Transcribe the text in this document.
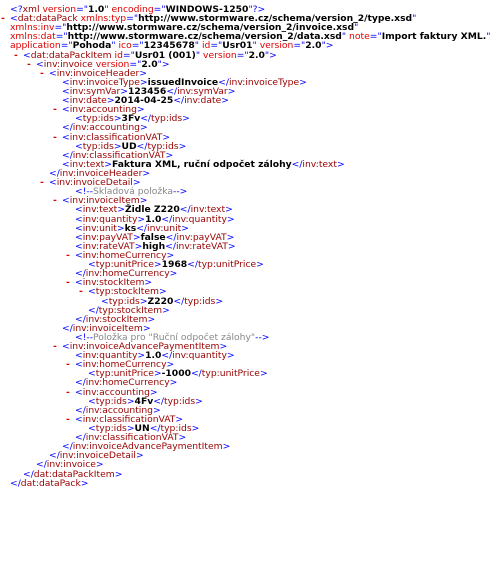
<?xml version="1.0" encoding="WINDOWS-1250"?>
- <dat:dataPack xmlns:typ="http://www.stormware.cz/schema/version_2/type.xsd"
xmlns:inv="http://www.stormware.cz/schema/version_2/invoice.xsd"
xmlns:dat="http://www.stormware.cz/schema/version_2/data.xsd" note="Import faktury XML."
application="Pohoda" ico="12345678" id="Usr01" version="2.0">
- <dat:dataPackItem id="Usr01 (001)" version="2.0">
- <inv:invoice version="2.0">
- <inv:invoiceHeader>
<inv:invoiceType>issuedInvoice</inv:invoiceType>
<inv:symVar>123456</inv:symVar>
<inv:date>2014-04-25</inv:date>
- <inv:accounting>
<typ:ids>3Fv</typ:ids>
</inv:accounting>
- <inv:classificationVAT>
<typ:ids>UD</typ:ids>
</inv:classificationVAT>
<inv:text>Faktura XML, ruční odpočet zálohy</inv:text>
</inv:invoiceHeader>
- <inv:invoiceDetail>
<!--Skladová položka-->
- <inv:invoiceItem>
<inv:text>Židle Z220</inv:text>
<inv:quantity>1.0</inv:quantity>
<inv:unit>ks</inv:unit>
<inv:payVAT>false</inv:payVAT>
<inv:rateVAT>high</inv:rateVAT>
- <inv:homeCurrency>
<typ:unitPrice>1968</typ:unitPrice>
</inv:homeCurrency>
- <inv:stockItem>
- <typ:stockItem>
<typ:ids>Z220</typ:ids>
</typ:stockItem>
</inv:stockItem>
</inv:invoiceItem>
<!--Položka pro "Ruční odpočet zálohy"-->
- <inv:invoiceAdvancePaymentItem>
<inv:quantity>1.0</inv:quantity>
- <inv:homeCurrency>
<typ:unitPrice>-1000</typ:unitPrice>
</inv:homeCurrency>
- <inv:accounting>
<typ:ids>4Fv</typ:ids>
</inv:accounting>
- <inv:classificationVAT>
<typ:ids>UN</typ:ids>
</inv:classificationVAT>
</inv:invoiceAdvancePaymentItem>
</inv:invoiceDetail>
</inv:invoice>
</dat:dataPackItem>
</dat:dataPack>
